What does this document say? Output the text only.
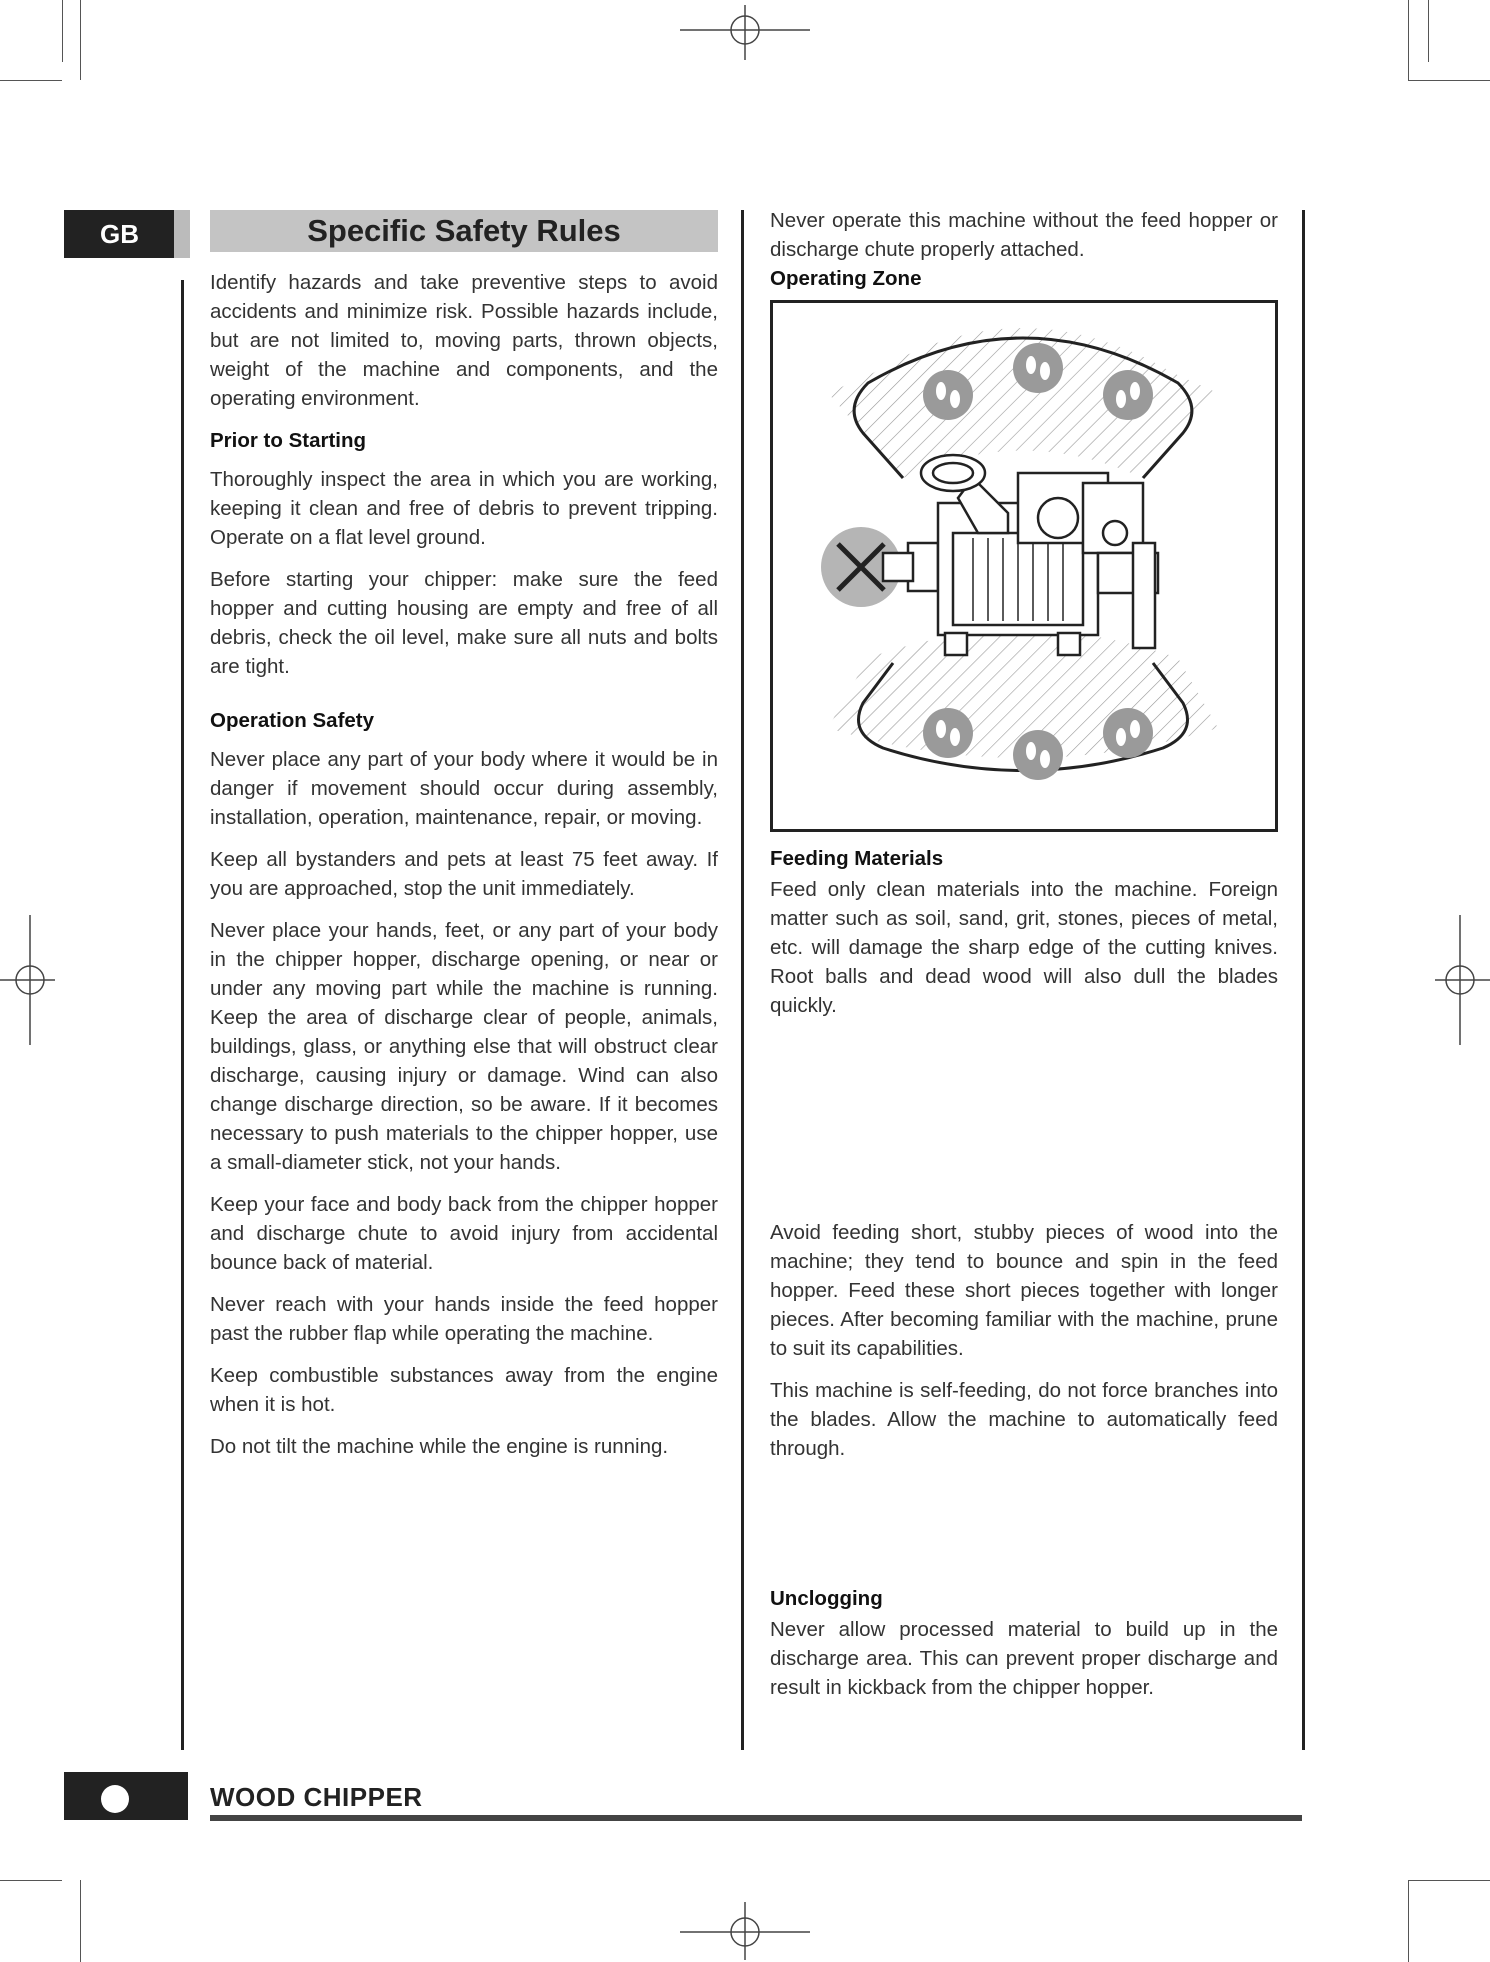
GB	Specific Safety Rules

Identify hazards and take preventive steps to avoid accidents and minimize risk. Possible hazards include, but are not limited to, moving parts, thrown objects, weight of the machine and components, and the operating environment.

Prior to Starting

Thoroughly inspect the area in which you are working, keeping it clean and free of debris to prevent tripping. Operate on a flat level ground.

Before starting your chipper: make sure the feed hopper and cutting housing are empty and free of all debris, check the oil level, make sure all nuts and bolts are tight.

Operation Safety

Never place any part of your body where it would be in danger if movement should occur during assembly, installation, operation, maintenance, repair, or moving.

Keep all bystanders and pets at least 75 feet away. If you are approached, stop the unit immediately.

Never place your hands, feet, or any part of your body in the chipper hopper, discharge opening, or near or under any moving part while the machine is running. Keep the area of discharge clear of people, animals, buildings, glass, or anything else that will obstruct clear discharge, causing injury or damage. Wind can also change discharge direction, so be aware. If it becomes necessary to push materials to the chipper hopper, use a small-diameter stick, not your hands.

Keep your face and body back from the chipper hopper and discharge chute to avoid injury from accidental bounce back of material.

Never reach with your hands inside the feed hopper past the rubber flap while operating the machine.

Keep combustible substances away from the engine when it is hot.

Do not tilt the machine while the engine is running.

Never operate this machine without the feed hopper or discharge chute properly attached.

Operating Zone
Feeding Materials

Feed only clean materials into the machine. Foreign matter such as soil, sand, grit, stones, pieces of metal, etc. will damage the sharp edge of the cutting knives. Root balls and dead wood will also dull the blades quickly.

Avoid feeding short, stubby pieces of wood into the machine; they tend to bounce and spin in the feed hopper. Feed these short pieces together with longer pieces. After becoming familiar with the machine, prune to suit its capabilities.

This machine is self-feeding, do not force branches into the blades. Allow the machine to automatically feed through.

Unclogging

Never allow processed material to build up in the discharge area. This can prevent proper discharge and result in kickback from the chipper hopper.

WOOD CHIPPER
